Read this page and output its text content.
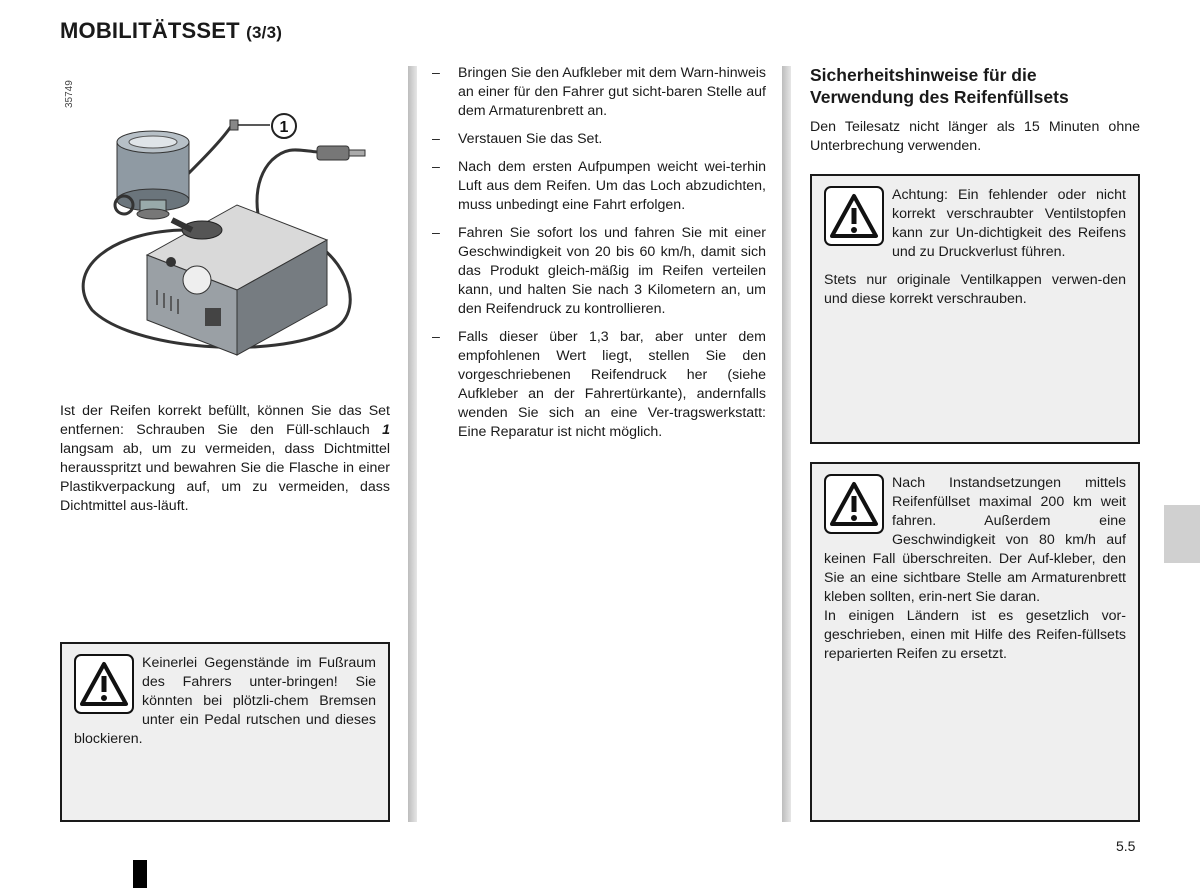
MOBILITÄTSSET (3/3)
35749
1
Ist der Reifen korrekt befüllt, können Sie das Set entfernen: Schrauben Sie den Füll-schlauch 1 langsam ab, um zu vermeiden, dass Dichtmittel herausspritzt und bewahren Sie die Flasche in einer Plastikverpackung auf, um zu vermeiden, dass Dichtmittel aus-läuft.

Keinerlei Gegenstände im Fußraum des Fahrers unter-bringen! Sie könnten bei plötzli-chem Bremsen unter ein Pedal rutschen und dieses blockieren.

–	Bringen Sie den Aufkleber mit dem Warn-hinweis an einer für den Fahrer gut sicht-baren Stelle auf dem Armaturenbrett an.
–	Verstauen Sie das Set.
–	Nach dem ersten Aufpumpen weicht wei-terhin Luft aus dem Reifen. Um das Loch abzudichten, muss unbedingt eine Fahrt erfolgen.
–	Fahren Sie sofort los und fahren Sie mit einer Geschwindigkeit von 20 bis 60 km/h, damit sich das Produkt gleich-mäßig im Reifen verteilen kann, und halten Sie nach 3 Kilometern an, um den Reifendruck zu kontrollieren.
–	Falls dieser über 1,3 bar, aber unter dem empfohlenen Wert liegt, stellen Sie den vorgeschriebenen Reifendruck her (siehe Aufkleber an der Fahrertürkante), andernfalls wenden Sie sich an eine Ver-tragswerkstatt: Eine Reparatur ist nicht möglich.
Sicherheitshinweise für die Verwendung des Reifenfüllsets
Den Teilesatz nicht länger als 15 Minuten ohne Unterbrechung verwenden.

Achtung: Ein fehlender oder nicht korrekt verschraubter Ventilstopfen kann zur Un-dichtigkeit des Reifens und zu Druckverlust führen.

Stets nur originale Ventilkappen verwen-den und diese korrekt verschrauben.

Nach Instandsetzungen mittels Reifenfüllset maximal 200 km weit fahren. Außerdem eine Geschwindigkeit von 80 km/h auf keinen Fall überschreiten. Der Auf-kleber, den Sie an eine sichtbare Stelle am Armaturenbrett kleben sollten, erin-nert Sie daran.

In einigen Ländern ist es gesetzlich vor-geschrieben, einen mit Hilfe des Reifen-füllsets reparierten Reifen zu ersetzt.

5.5
